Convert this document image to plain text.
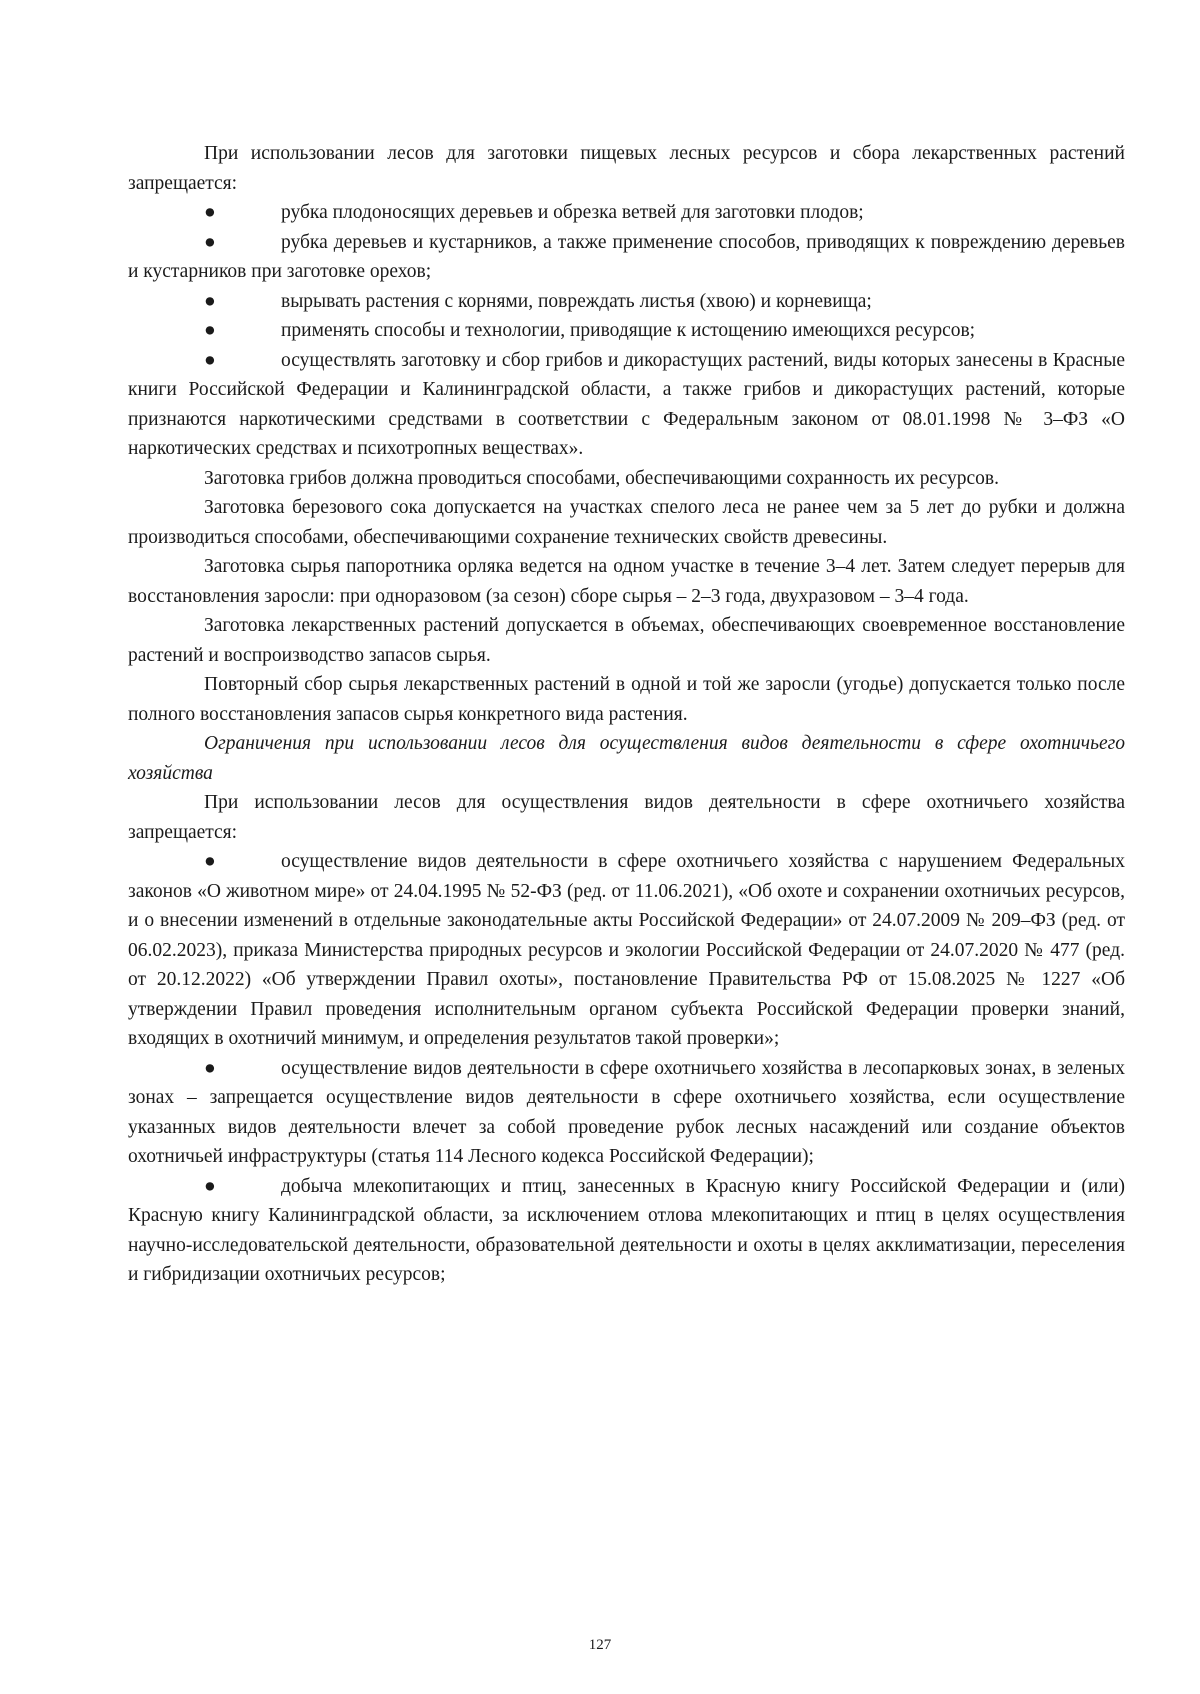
При использовании лесов для заготовки пищевых лесных ресурсов и сбора лекарственных растений запрещается:

●	рубка плодоносящих деревьев и обрезка ветвей для заготовки плодов;

●	рубка деревьев и кустарников, а также применение способов, приводящих к повреждению деревьев и кустарников при заготовке орехов;

●	вырывать растения с корнями, повреждать листья (хвою) и корневища;

●	применять способы и технологии, приводящие к истощению имеющихся ресурсов;

●	осуществлять заготовку и сбор грибов и дикорастущих растений, виды которых занесены в Красные книги Российской Федерации и Калининградской области, а также грибов и дикорастущих растений, которые признаются наркотическими средствами в соответствии с Федеральным законом от 08.01.1998 № 3–ФЗ «О наркотических средствах и психотропных веществах».

Заготовка грибов должна проводиться способами, обеспечивающими сохранность их ресурсов.

Заготовка березового сока допускается на участках спелого леса не ранее чем за 5 лет до рубки и должна производиться способами, обеспечивающими сохранение технических свойств древесины.

Заготовка сырья папоротника орляка ведется на одном участке в течение 3–4 лет. Затем следует перерыв для восстановления заросли: при одноразовом (за сезон) сборе сырья – 2–3 года, двухразовом – 3–4 года.

Заготовка лекарственных растений допускается в объемах, обеспечивающих своевременное восстановление растений и воспроизводство запасов сырья.

Повторный сбор сырья лекарственных растений в одной и той же заросли (угодье) допускается только после полного восстановления запасов сырья конкретного вида растения.

Ограничения при использовании лесов для осуществления видов деятельности в сфере охотничьего хозяйства

При использовании лесов для осуществления видов деятельности в сфере охотничьего хозяйства запрещается:

●	осуществление видов деятельности в сфере охотничьего хозяйства с нарушением Федеральных законов «О животном мире» от 24.04.1995 № 52-ФЗ (ред. от 11.06.2021), «Об охоте и сохранении охотничьих ресурсов, и о внесении изменений в отдельные законодательные акты Российской Федерации» от 24.07.2009 № 209–ФЗ (ред. от 06.02.2023), приказа Министерства природных ресурсов и экологии Российской Федерации от 24.07.2020 № 477 (ред. от 20.12.2022) «Об утверждении Правил охоты», постановление Правительства РФ от 15.08.2025 № 1227 «Об утверждении Правил проведения исполнительным органом субъекта Российской Федерации проверки знаний, входящих в охотничий минимум, и определения результатов такой проверки»;

●	осуществление видов деятельности в сфере охотничьего хозяйства в лесопарковых зонах, в зеленых зонах – запрещается осуществление видов деятельности в сфере охотничьего хозяйства, если осуществление указанных видов деятельности влечет за собой проведение рубок лесных насаждений или создание объектов охотничьей инфраструктуры (статья 114 Лесного кодекса Российской Федерации);

●	добыча млекопитающих и птиц, занесенных в Красную книгу Российской Федерации и (или) Красную книгу Калининградской области, за исключением отлова млекопитающих и птиц в целях осуществления научно-исследовательской деятельности, образовательной деятельности и охоты в целях акклиматизации, переселения и гибридизации охотничьих ресурсов;

127
